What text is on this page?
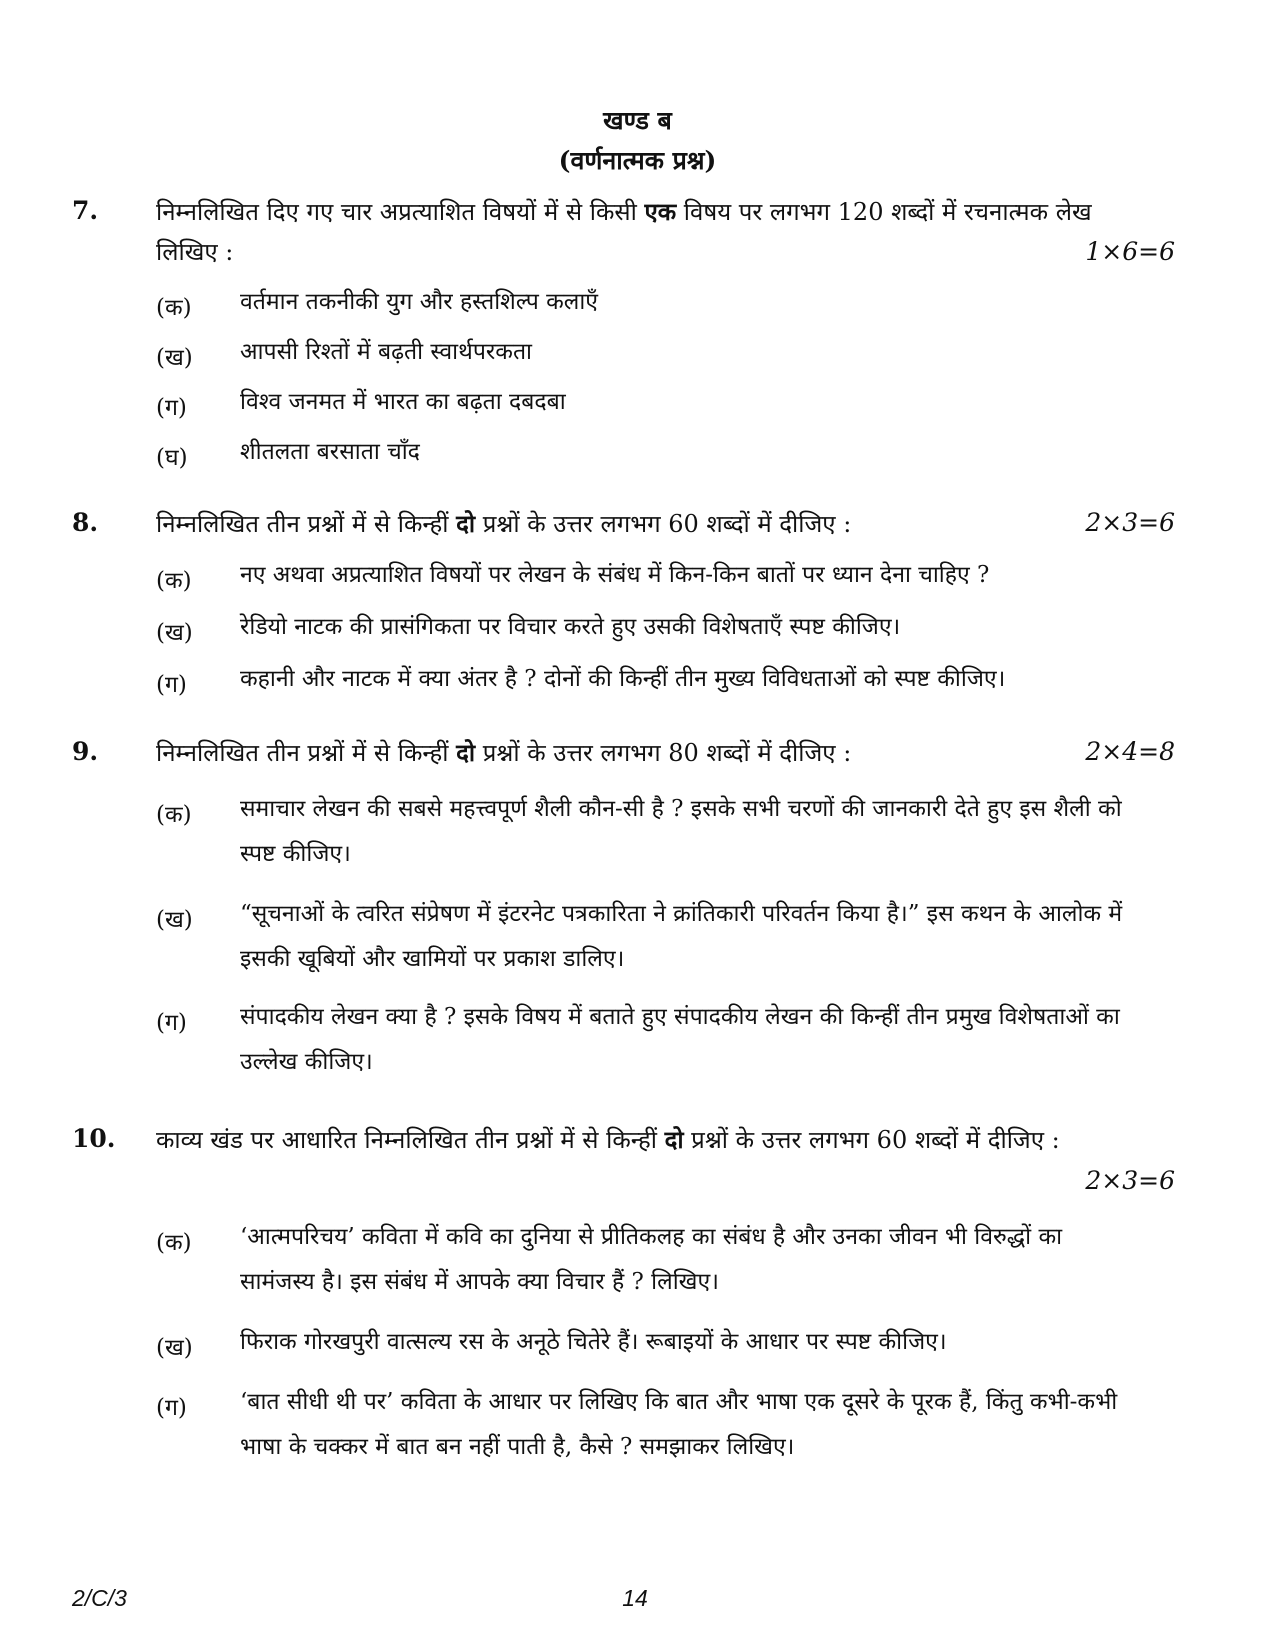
खण्ड ब
(वर्णनात्मक प्रश्न)
7. निम्नलिखित दिए गए चार अप्रत्याशित विषयों में से किसी एक विषय पर लगभग 120 शब्दों में रचनात्मक लेख लिखिए :	1×6=6
(क) वर्तमान तकनीकी युग और हस्तशिल्प कलाएँ
(ख) आपसी रिश्तों में बढ़ती स्वार्थपरकता
(ग) विश्व जनमत में भारत का बढ़ता दबदबा
(घ) शीतलता बरसाता चाँद
8. निम्नलिखित तीन प्रश्नों में से किन्हीं दो प्रश्नों के उत्तर लगभग 60 शब्दों में दीजिए :	2×3=6
(क) नए अथवा अप्रत्याशित विषयों पर लेखन के संबंध में किन-किन बातों पर ध्यान देना चाहिए ?
(ख) रेडियो नाटक की प्रासंगिकता पर विचार करते हुए उसकी विशेषताएँ स्पष्ट कीजिए।
(ग) कहानी और नाटक में क्या अंतर है ? दोनों की किन्हीं तीन मुख्य विविधताओं को स्पष्ट कीजिए।
9. निम्नलिखित तीन प्रश्नों में से किन्हीं दो प्रश्नों के उत्तर लगभग 80 शब्दों में दीजिए :	2×4=8
(क) समाचार लेखन की सबसे महत्त्वपूर्ण शैली कौन-सी है ? इसके सभी चरणों की जानकारी देते हुए इस शैली को स्पष्ट कीजिए।
(ख) “सूचनाओं के त्वरित संप्रेषण में इंटरनेट पत्रकारिता ने क्रांतिकारी परिवर्तन किया है।” इस कथन के आलोक में इसकी खूबियों और खामियों पर प्रकाश डालिए।
(ग) संपादकीय लेखन क्या है ? इसके विषय में बताते हुए संपादकीय लेखन की किन्हीं तीन प्रमुख विशेषताओं का उल्लेख कीजिए।
10. काव्य खंड पर आधारित निम्नलिखित तीन प्रश्नों में से किन्हीं दो प्रश्नों के उत्तर लगभग 60 शब्दों में दीजिए :
2×3=6
(क) ‘आत्मपरिचय’ कविता में कवि का दुनिया से प्रीतिकलह का संबंध है और उनका जीवन भी विरुद्धों का सामंजस्य है। इस संबंध में आपके क्या विचार हैं ? लिखिए।
(ख) फिराक गोरखपुरी वात्सल्य रस के अनूठे चितेरे हैं। रूबाइयों के आधार पर स्पष्ट कीजिए।
(ग) ‘बात सीधी थी पर’ कविता के आधार पर लिखिए कि बात और भाषा एक दूसरे के पूरक हैं, किंतु कभी-कभी भाषा के चक्कर में बात बन नहीं पाती है, कैसे ? समझाकर लिखिए।
2/C/3	14
